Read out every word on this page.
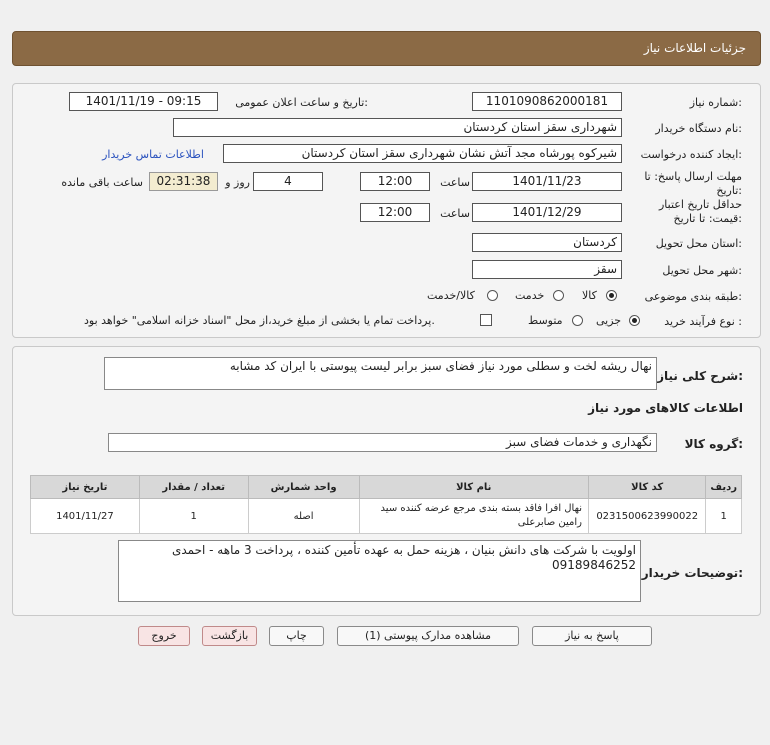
جزئیات اطلاعات نیاز
شماره نیاز:
1101090862000181
تاریخ و ساعت اعلان عمومی:
1401/11/19 - 09:15
نام دستگاه خریدار:
شهرداری سقز استان کردستان
ایجاد کننده درخواست:
شیرکوه پورشاه مجد آتش نشان شهرداری سقز استان کردستان
اطلاعات تماس خریدار
مهلت ارسال پاسخ: تا تاریخ:
1401/11/23
ساعت
12:00
4
روز و
02:31:38
ساعت باقی مانده
حداقل تاریخ اعتبار قیمت: تا تاریخ:
1401/12/29
ساعت
12:00
استان محل تحویل:
کردستان
شهر محل تحویل:
سقز
طبقه بندی موضوعی:
کالا
خدمت
کالا/خدمت
نوع فرآیند خرید :
جزیی
متوسط
پرداخت تمام یا بخشی از مبلغ خرید،از محل "اسناد خزانه اسلامی" خواهد بود.
شرح کلی نیاز:
نهال ریشه لخت و سطلی مورد نیاز فضای سبز برابر لیست پیوستی با ایران کد مشابه
اطلاعات کالاهای مورد نیاز
گروه کالا:
نگهداری و خدمات فضای سبز
تاریخ نیاز	تعداد / مقدار	واحد شمارش	نام کالا	کد کالا	ردیف
1401/11/27	1	اصله	نهال افرا فاقد بسته بندی مرجع عرضه کننده سید رامین صابرعلی	0231500623990022	1
توضیحات خریدار:
اولویت با شرکت های دانش بنیان ، هزینه حمل به عهده تأمین کننده ، پرداخت 3 ماهه - احمدی 09189846252
پاسخ به نیاز
مشاهده مدارک پیوستی (1)
چاپ
بازگشت
خروج
